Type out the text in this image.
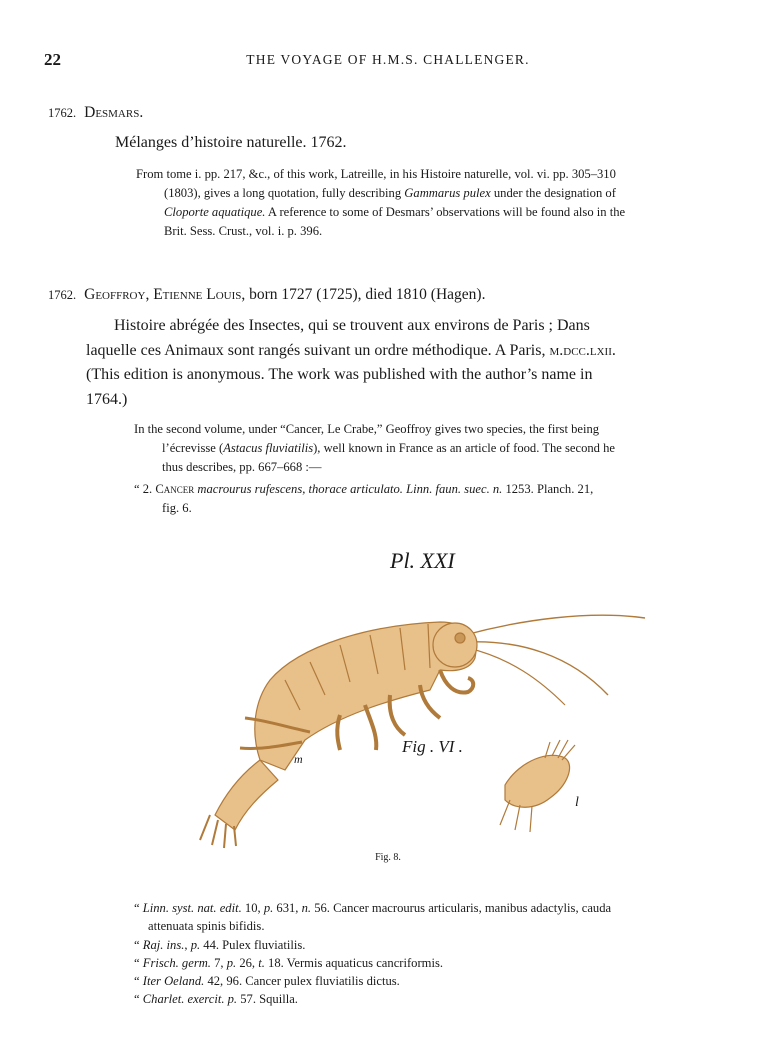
22	THE VOYAGE OF H.M.S. CHALLENGER.
1762. Desmars.
Mélanges d’histoire naturelle. 1762.
From tome i. pp. 217, &c., of this work, Latreille, in his Histoire naturelle, vol. vi. pp. 305–310
(1803), gives a long quotation, fully describing Gammarus pulex under the designation of
Cloporte aquatique. A reference to some of Desmars’ observations will be found also in the
Brit. Sess. Crust., vol. i. p. 396.
1762. Geoffroy, Etienne Louis, born 1727 (1725), died 1810 (Hagen).
Histoire abrégée des Insectes, qui se trouvent aux environs de Paris ; Dans
laquelle ces Animaux sont rangés suivant un ordre méthodique. A Paris, m.dcc.lxii.
(This edition is anonymous. The work was published with the author’s name in
1764.)
In the second volume, under “Cancer, Le Crabe,” Geoffroy gives two species, the first being
l’écrevisse (Astacus fluviatilis), well known in France as an article of food. The second he
thus describes, pp. 667–668 :—
“ 2. Cancer macrourus rufescens, thorace articulato. Linn. faun. suec. n. 1253. Planch. 21,
fig. 6.
Pl. XXI
Fig . VI .
m
l
Fig. 8.
“ Linn. syst. nat. edit. 10, p. 631, n. 56. Cancer macrourus articularis, manibus adactylis, cauda
attenuata spinis bifidis.
“ Raj. ins., p. 44. Pulex fluviatilis.
“ Frisch. germ. 7, p. 26, t. 18. Vermis aquaticus cancriformis.
“ Iter Oeland. 42, 96. Cancer pulex fluviatilis dictus.
“ Charlet. exercit. p. 57. Squilla.
